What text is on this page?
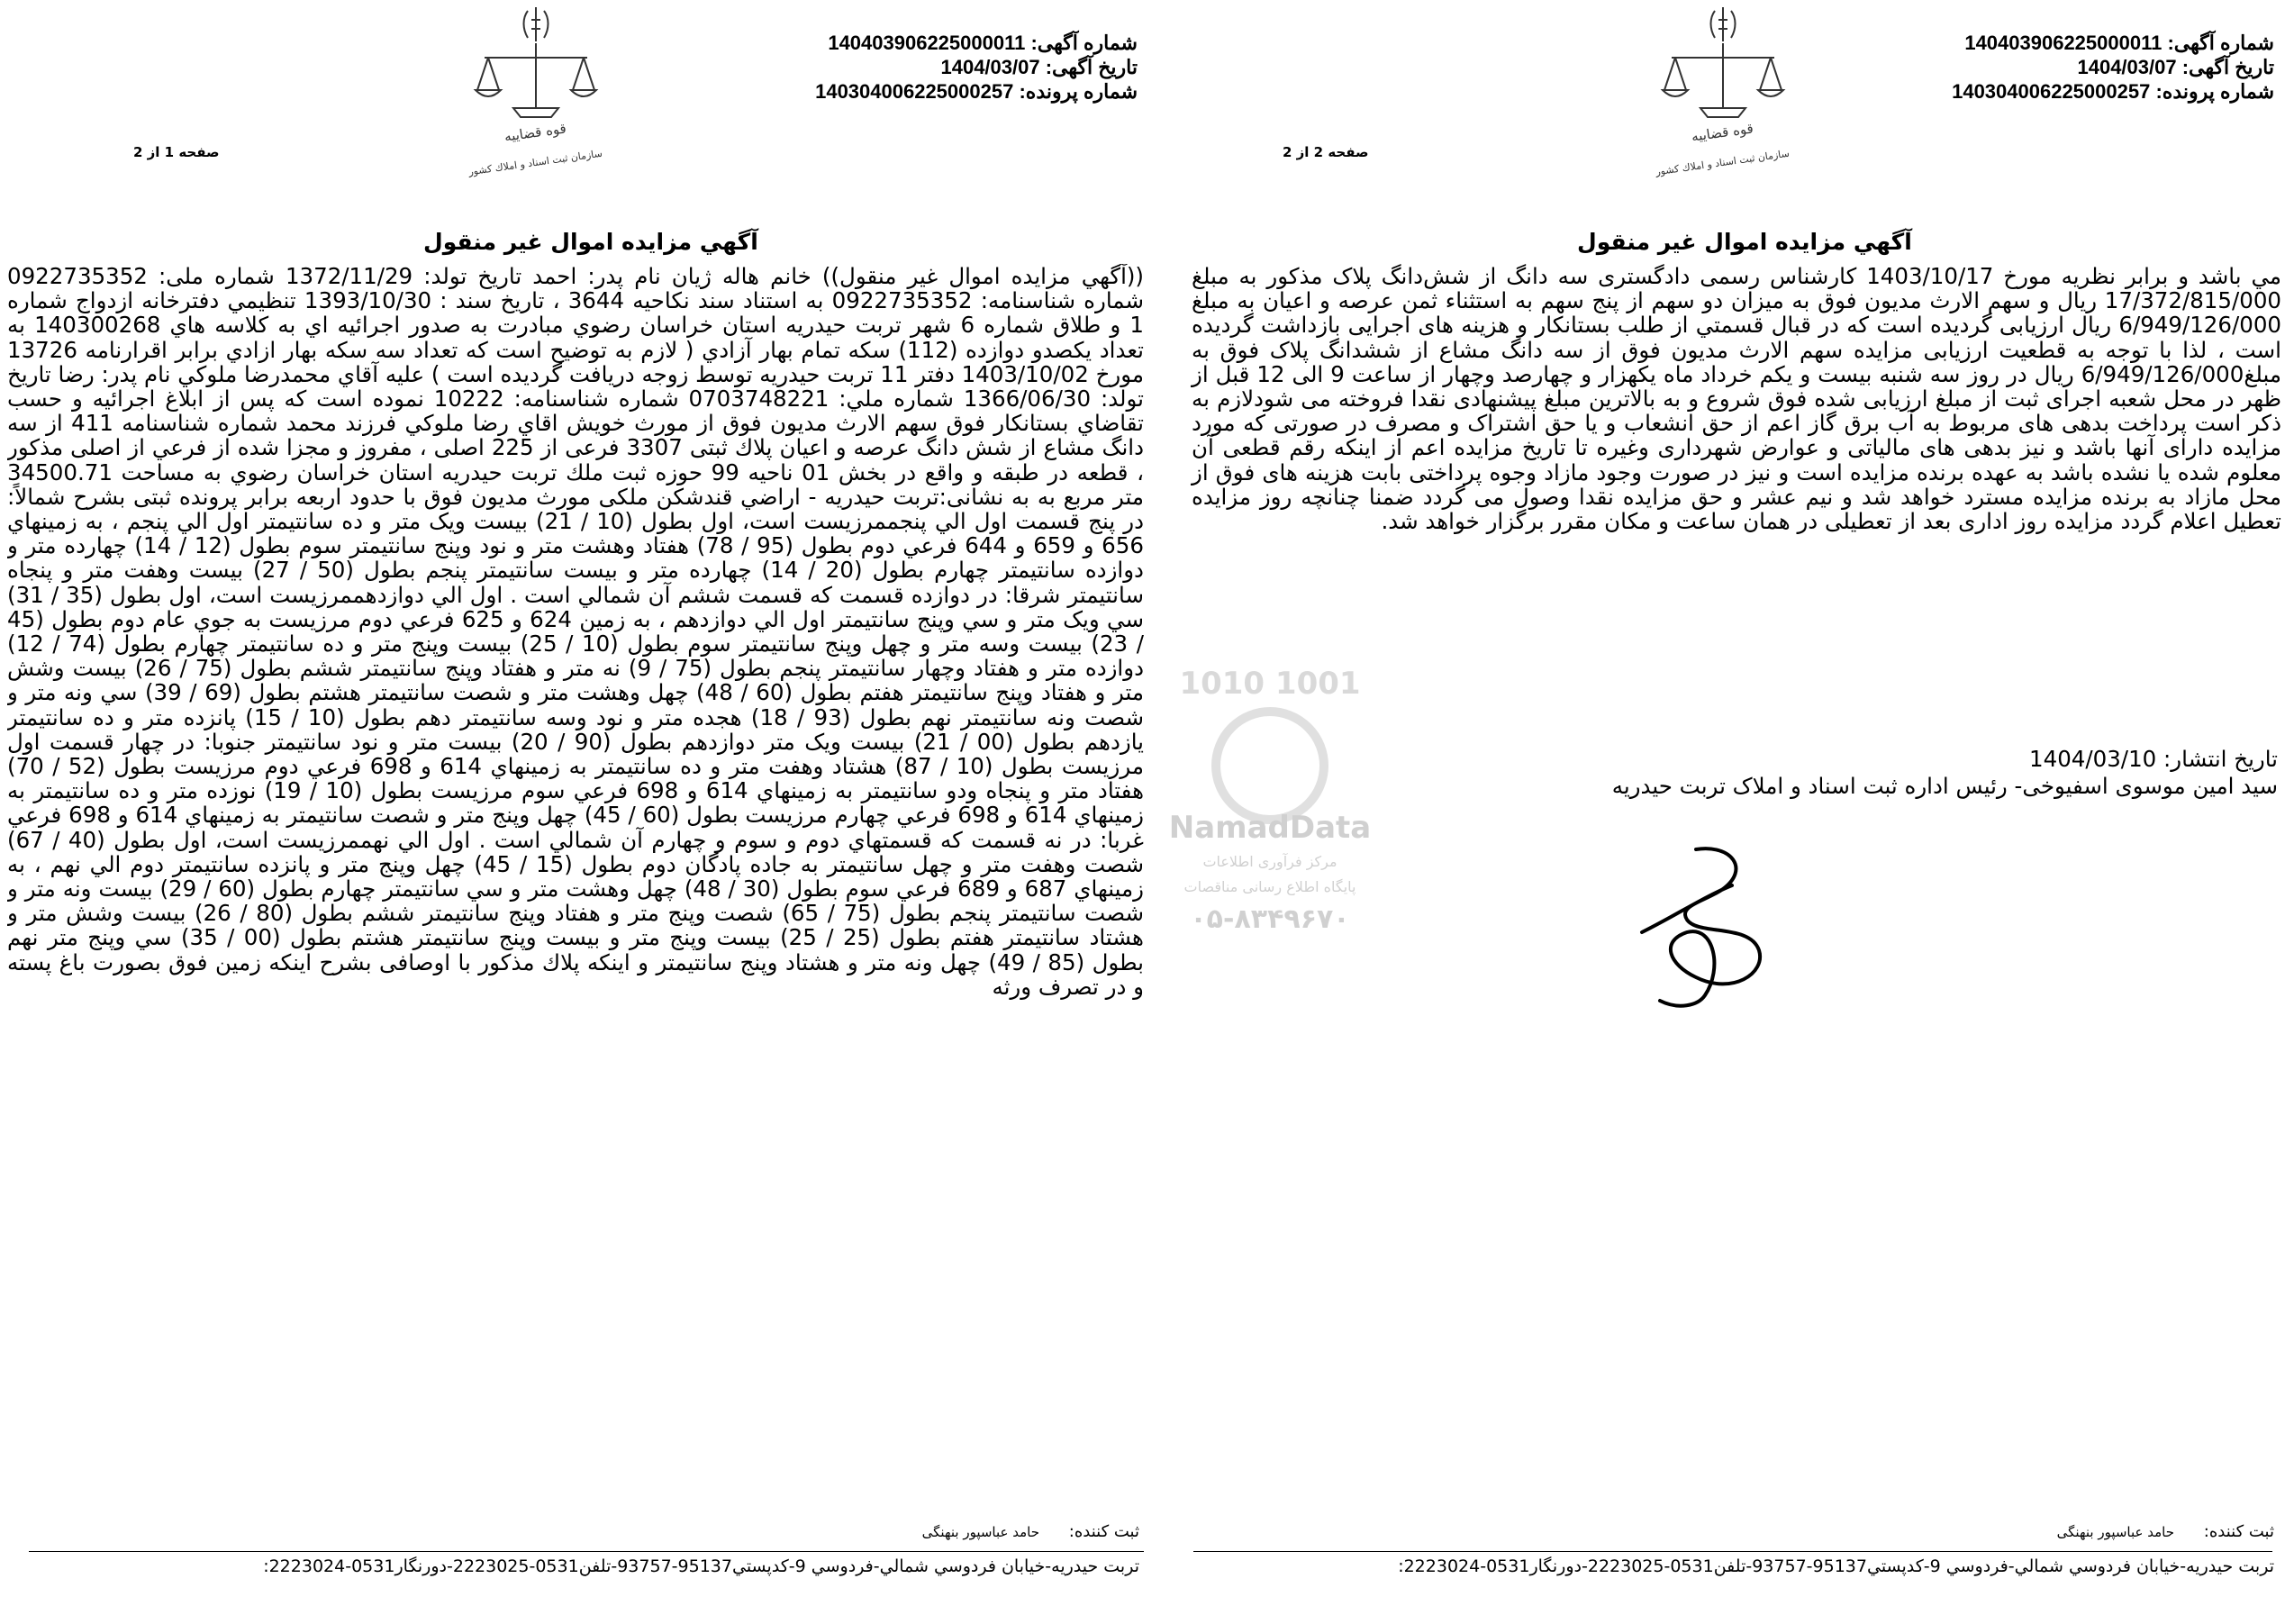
شماره آگهی: 140403906225000011
تاریخ آگهی: 1404/03/07
شماره پرونده: 140304006225000257
قوه قضاييه
سازمان ثبت اسناد و املاك كشور
صفحه 1 از 2
آگهي مزايده اموال غير منقول
((آگهي مزايده اموال غير منقول)) خانم هاله ژيان نام پدر: احمد تاريخ تولد: 1372/11/29 شماره ملی: 0922735352 شماره شناسنامه: 0922735352 به استناد سند نكاحيه 3644 ، تاريخ سند : 1393/10/30 تنظيمي دفترخانه ازدواج شماره 1 و طلاق شماره 6 شهر تربت حيدريه استان خراسان رضوي مبادرت به صدور اجرائيه اي به كلاسه هاي 140300268 به تعداد يكصدو دوازده (112) سكه تمام بهار آزادي ( لازم به توضيح است كه تعداد سه سكه بهار ازادي برابر اقرارنامه 13726 مورخ 1403/10/02 دفتر 11 تربت حيدريه توسط زوجه دريافت گرديده است ) عليه آقاي محمدرضا ملوكي نام پدر: رضا تاريخ تولد: 1366/06/30 شماره ملي: 0703748221 شماره شناسنامه: 10222 نموده است كه پس از ابلاغ اجرائيه و حسب تقاضاي بستانكار فوق سهم الارث مديون فوق از مورث خويش اقاي رضا ملوكي فرزند محمد شماره شناسنامه 411 از سه دانگ مشاع از شش دانگ عرصه و اعيان پلاك ثبتی 3307 فرعی از 225 اصلی ، مفروز و مجزا شده از فرعي از اصلی مذكور ، قطعه در طبقه و واقع در بخش 01 ناحيه 99 حوزه ثبت ملك تربت حيدريه استان خراسان رضوي به مساحت 34500.71 متر مربع به به نشانی:تربت حيدريه - اراضي قندشکن ملکی مورث مديون فوق با حدود اربعه برابر پرونده ثبتی بشرح شمالاً: در پنج قسمت اول الي پنجممرزيست است، اول بطول (10 / 21) بيست ويک متر و ده سانتيمتر اول الي پنجم ، به زمينهاي 656 و 659 و 644 فرعي دوم بطول (95 / 78) هفتاد وهشت متر و نود وپنج سانتيمتر سوم بطول (12 / 14) چهارده متر و دوازده سانتيمتر چهارم بطول (20 / 14) چهارده متر و بيست سانتيمتر پنجم بطول (50 / 27) بيست وهفت متر و پنجاه سانتيمتر شرقا: در دوازده قسمت که قسمت ششم آن شمالي است . اول الي دوازدهممرزيست است، اول بطول (35 / 31) سي ويک متر و سي وپنج سانتيمتر اول الي دوازدهم ، به زمين 624 و 625 فرعي دوم مرزيست به جوي عام دوم بطول (45 / 23) بيست وسه متر و چهل وپنج سانتيمتر سوم بطول (10 / 25) بيست وپنج متر و ده سانتيمتر چهارم بطول (74 / 12) دوازده متر و هفتاد وچهار سانتيمتر پنجم بطول (75 / 9) نه متر و هفتاد وپنج سانتيمتر ششم بطول (75 / 26) بيست وشش متر و هفتاد وپنج سانتيمتر هفتم بطول (60 / 48) چهل وهشت متر و شصت سانتيمتر هشتم بطول (69 / 39) سي ونه متر و شصت ونه سانتيمتر نهم بطول (93 / 18) هجده متر و نود وسه سانتيمتر دهم بطول (10 / 15) پانزده متر و ده سانتيمتر يازدهم بطول (00 / 21) بيست ويک متر دوازدهم بطول (90 / 20) بيست متر و نود سانتيمتر جنوبا: در چهار قسمت اول مرزيست بطول (10 / 87) هشتاد وهفت متر و ده سانتيمتر به زمينهاي 614 و 698 فرعي دوم مرزيست بطول (52 / 70) هفتاد متر و پنجاه ودو سانتيمتر به زمينهاي 614 و 698 فرعي سوم مرزيست بطول (10 / 19) نوزده متر و ده سانتيمتر به زمينهاي 614 و 698 فرعي چهارم مرزيست بطول (60 / 45) چهل وپنج متر و شصت سانتيمتر به زمينهاي 614 و 698 فرعي غربا: در نه قسمت که قسمتهاي دوم و سوم و چهارم آن شمالي است . اول الي نهممرزيست است، اول بطول (40 / 67) شصت وهفت متر و چهل سانتيمتر به جاده پادگان دوم بطول (15 / 45) چهل وپنج متر و پانزده سانتيمتر دوم الي نهم ، به زمينهاي 687 و 689 فرعي سوم بطول (30 / 48) چهل وهشت متر و سي سانتيمتر چهارم بطول (60 / 29) بيست ونه متر و شصت سانتيمتر پنجم بطول (75 / 65) شصت وپنج متر و هفتاد وپنج سانتيمتر ششم بطول (80 / 26) بيست وشش متر و هشتاد سانتيمتر هفتم بطول (25 / 25) بيست وپنج متر و بيست وپنج سانتيمتر هشتم بطول (00 / 35) سي وپنج متر نهم بطول (85 / 49) چهل ونه متر و هشتاد وپنج سانتيمتر و اينكه پلاك مذكور با اوصافی بشرح اينكه زمين فوق بصورت باغ پسته و در تصرف ورثه
ثبت كننده: حامد عباسپور بنهنگی
تربت حيدريه-خيابان فردوسي شمالي-فردوسي 9-كدپستي95137-93757-تلفن0531-2223025-دورنگار0531-2223024:
شماره آگهی: 140403906225000011
تاریخ آگهی: 1404/03/07
شماره پرونده: 140304006225000257
قوه قضاييه
سازمان ثبت اسناد و املاك كشور
صفحه 2 از 2
آگهي مزايده اموال غير منقول
مي باشد و برابر نظريه مورخ 1403/10/17 كارشناس رسمی دادگستری سه دانگ از شش‌دانگ پلاک مذكور به مبلغ 17/372/815/000 ريال و سهم الارث مديون فوق به ميزان دو سهم از پنج سهم به استثناء ثمن عرصه و اعيان به مبلغ 6/949/126/000 ريال ارزيابی گرديده است كه در قبال قسمتي از طلب بستانكار و هزينه های اجرايی بازداشت گرديده است ، لذا با توجه به قطعيت ارزيابی مزايده سهم الارث مديون فوق از سه دانگ مشاع از ششدانگ پلاک فوق به مبلغ6/949/126/000 ريال در روز سه شنبه بيست و يكم خرداد ماه يكهزار و چهارصد وچهار از ساعت 9 الی 12 قبل از ظهر در محل شعبه اجرای ثبت از مبلغ ارزيابی شده فوق شروع و به بالاترين مبلغ پيشنهادی نقدا فروخته می شودلازم به ذكر است پرداخت بدهی های مربوط به آب برق گاز اعم از حق انشعاب و يا حق اشتراک و مصرف در صورتی كه مورد مزايده دارای آنها باشد و نيز بدهی های مالياتی و عوارض شهرداری وغيره تا تاريخ مزايده اعم از اينكه رقم قطعی آن معلوم شده يا نشده باشد به عهده برنده مزايده است و نيز در صورت وجود مازاد وجوه پرداختی بابت هزينه های فوق از محل مازاد به برنده مزايده مسترد خواهد شد و نيم عشر و حق مزايده نقدا وصول می گردد ضمنا چنانچه روز مزايده تعطيل اعلام گردد مزايده روز اداری بعد از تعطيلی در همان ساعت و مكان مقرر برگزار خواهد شد.
تاريخ انتشار: 1404/03/10
سيد امين موسوی اسفيوخی- رئيس اداره ثبت اسناد و املاک تربت حيدريه
ثبت كننده: حامد عباسپور بنهنگی
تربت حيدريه-خيابان فردوسي شمالي-فردوسي 9-كدپستي95137-93757-تلفن0531-2223025-دورنگار0531-2223024:
1001 1010
NamadData
مرکز فرآوری اطلاعات
پایگاه اطلاع رسانی مناقصات
۰۵-۸۳۴۹۶۷۰
